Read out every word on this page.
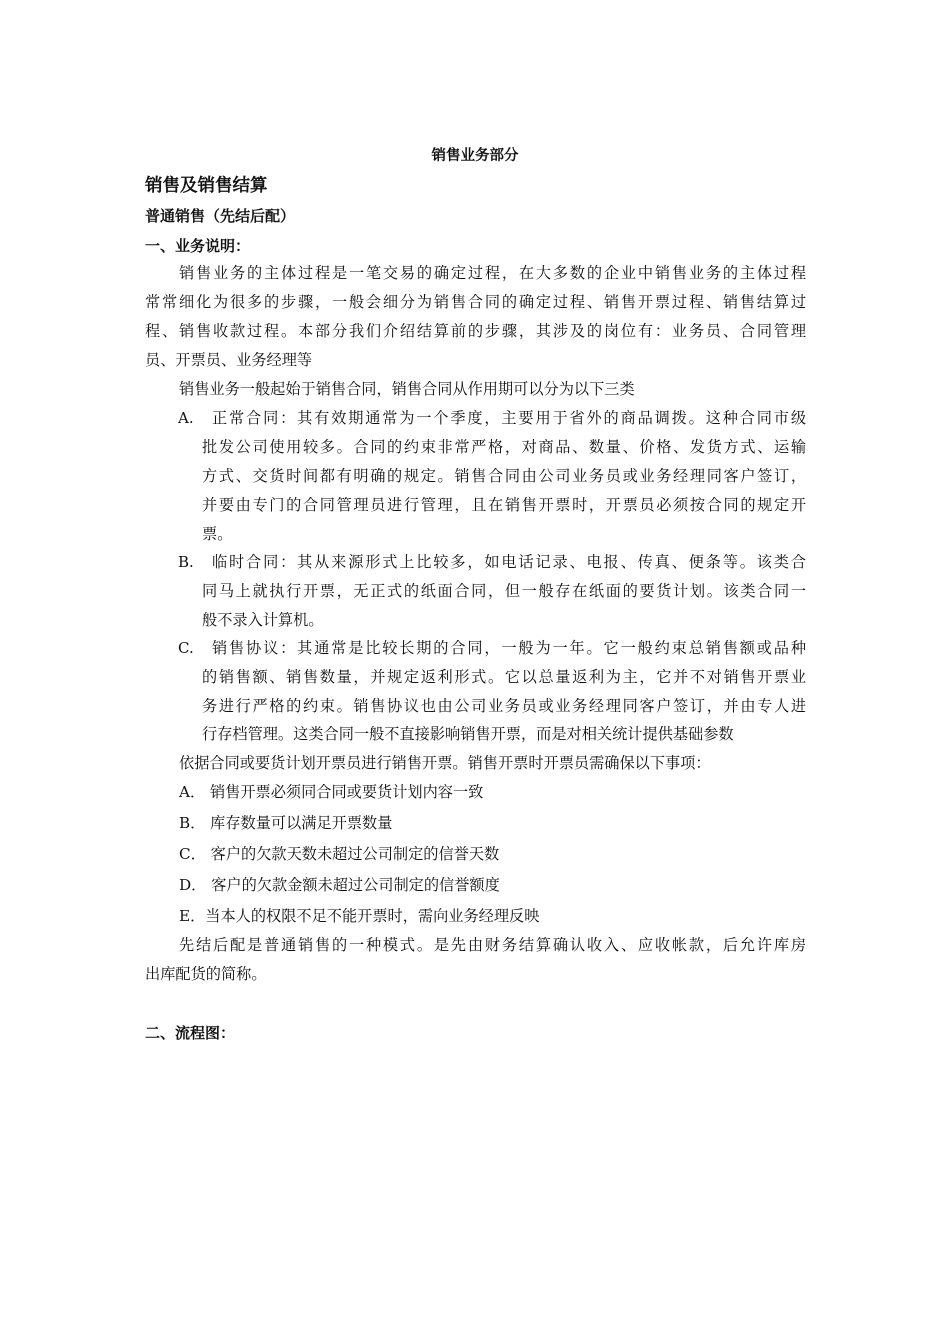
销售业务部分
销售及销售结算
普通销售（先结后配）
一、业务说明：
销售业务的主体过程是一笔交易的确定过程，在大多数的企业中销售业务的主体过程
常常细化为很多的步骤，一般会细分为销售合同的确定过程、销售开票过程、销售结算过
程、销售收款过程。本部分我们介绍结算前的步骤，其涉及的岗位有：业务员、合同管理
员、开票员、业务经理等
销售业务一般起始于销售合同，销售合同从作用期可以分为以下三类
A. 正常合同：其有效期通常为一个季度，主要用于省外的商品调拨。这种合同市级
批发公司使用较多。合同的约束非常严格，对商品、数量、价格、发货方式、运输
方式、交货时间都有明确的规定。销售合同由公司业务员或业务经理同客户签订，
并要由专门的合同管理员进行管理，且在销售开票时，开票员必须按合同的规定开
票。
B. 临时合同：其从来源形式上比较多，如电话记录、电报、传真、便条等。该类合
同马上就执行开票，无正式的纸面合同，但一般存在纸面的要货计划。该类合同一
般不录入计算机。
C. 销售协议：其通常是比较长期的合同，一般为一年。它一般约束总销售额或品种
的销售额、销售数量，并规定返利形式。它以总量返利为主，它并不对销售开票业
务进行严格的约束。销售协议也由公司业务员或业务经理同客户签订，并由专人进
行存档管理。这类合同一般不直接影响销售开票，而是对相关统计提供基础参数
依据合同或要货计划开票员进行销售开票。销售开票时开票员需确保以下事项：
A． 销售开票必须同合同或要货计划内容一致
B． 库存数量可以满足开票数量
C． 客户的欠款天数未超过公司制定的信誉天数
D． 客户的欠款金额未超过公司制定的信誉额度
E．当本人的权限不足不能开票时，需向业务经理反映
先结后配是普通销售的一种模式。是先由财务结算确认收入、应收帐款，后允许库房
出库配货的简称。
二、流程图：
